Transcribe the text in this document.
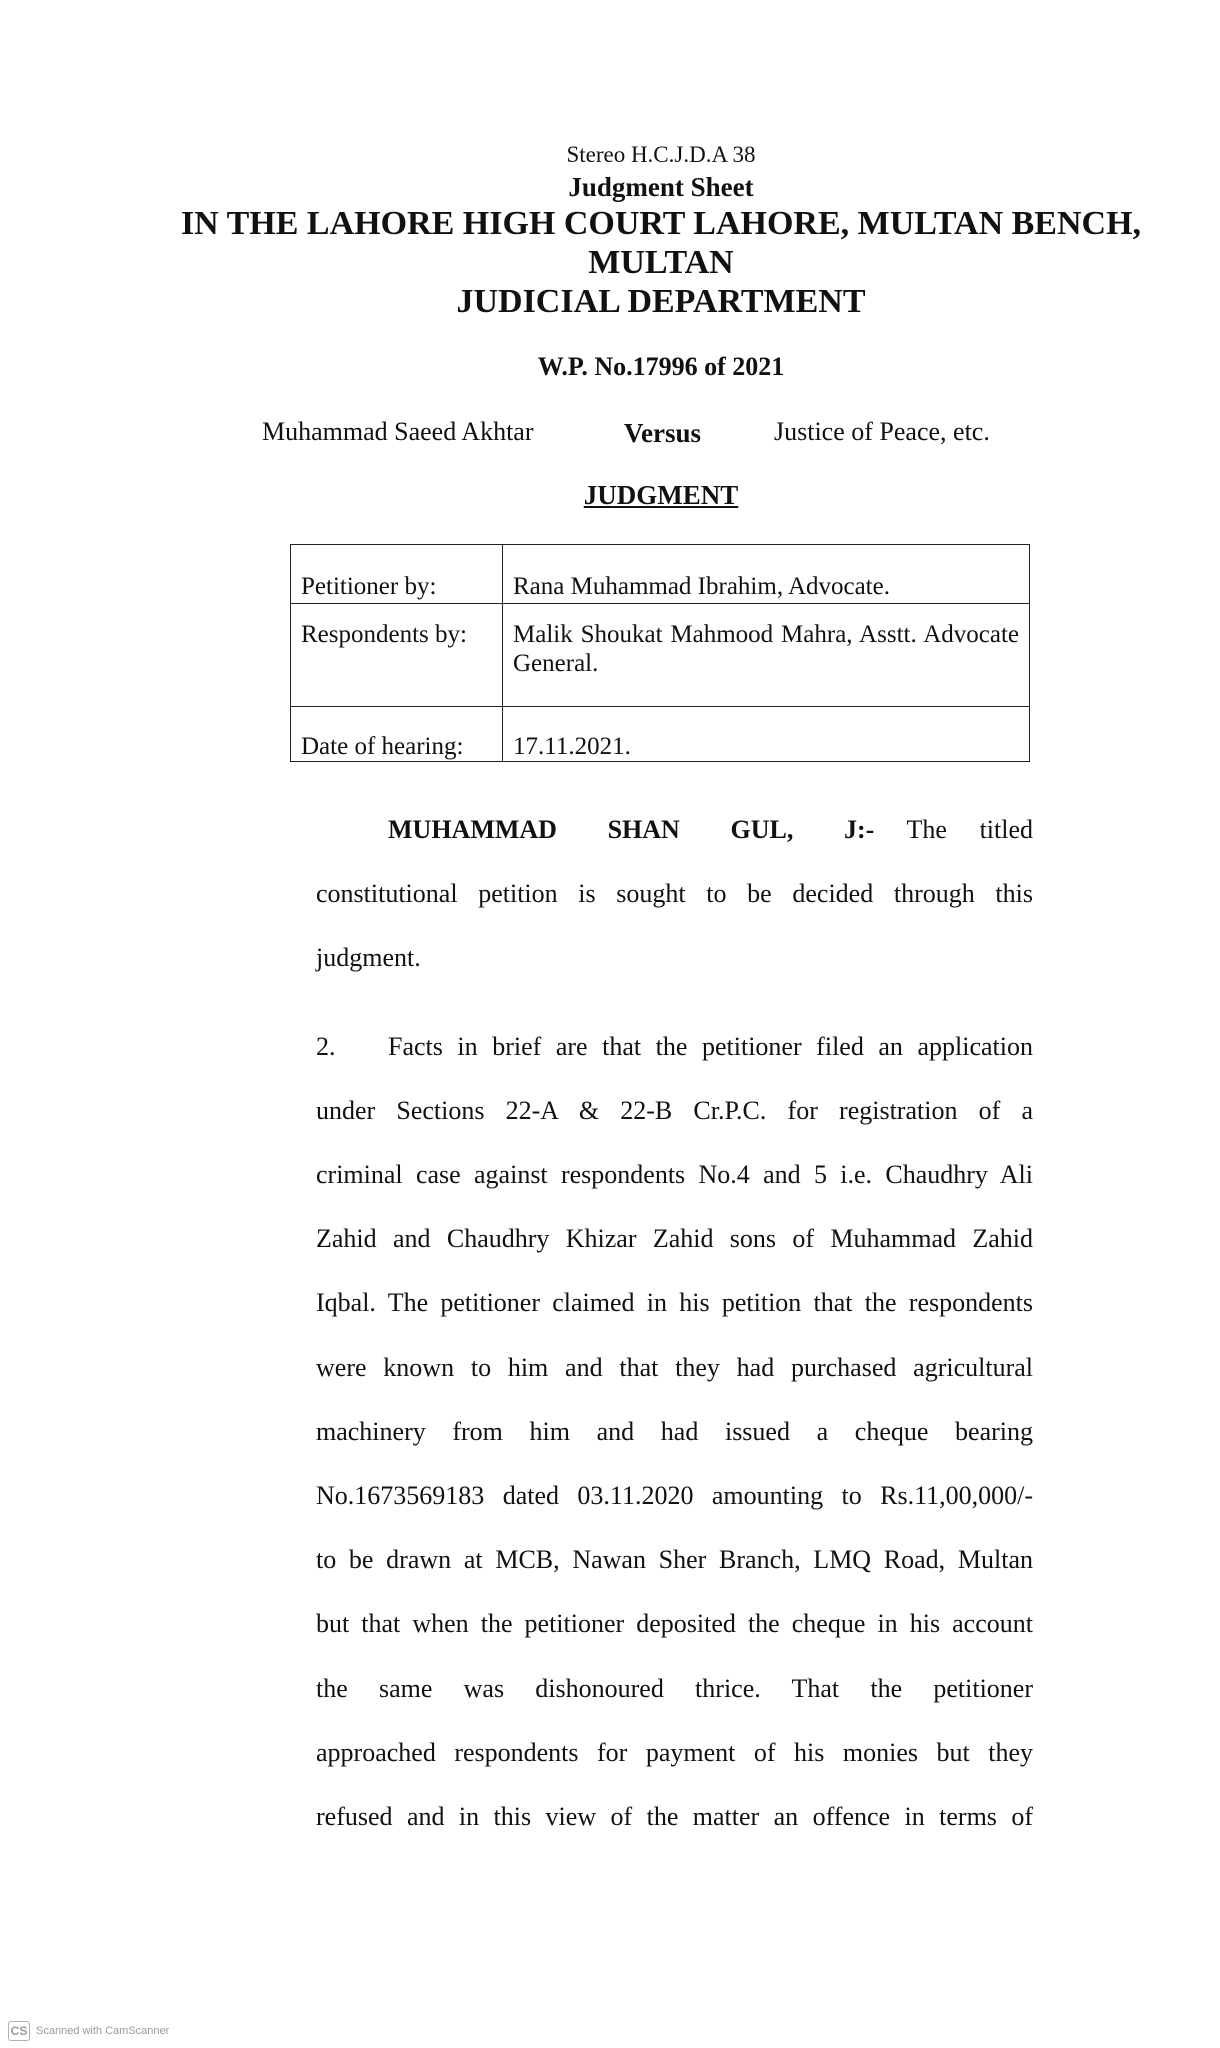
Stereo H.C.J.D.A 38
Judgment Sheet
IN THE LAHORE HIGH COURT LAHORE, MULTAN BENCH,
MULTAN
JUDICIAL DEPARTMENT
W.P. No.17996 of 2021
Muhammad Saeed Akhtar	Versus	Justice of Peace, etc.
JUDGMENT
Petitioner by:	Rana Muhammad Ibrahim, Advocate.
Respondents by:	Malik Shoukat Mahmood Mahra, Asstt. Advocate General.
Date of hearing:	17.11.2021.

MUHAMMAD SHAN GUL, J:- The titled
constitutional petition is sought to be decided through this
judgment.

2. Facts in brief are that the petitioner filed an application
under Sections 22-A & 22-B Cr.P.C. for registration of a
criminal case against respondents No.4 and 5 i.e. Chaudhry Ali
Zahid and Chaudhry Khizar Zahid sons of Muhammad Zahid
Iqbal. The petitioner claimed in his petition that the respondents
were known to him and that they had purchased agricultural
machinery from him and had issued a cheque bearing
No.1673569183 dated 03.11.2020 amounting to Rs.11,00,000/-
to be drawn at MCB, Nawan Sher Branch, LMQ Road, Multan
but that when the petitioner deposited the cheque in his account
the same was dishonoured thrice. That the petitioner
approached respondents for payment of his monies but they
refused and in this view of the matter an offence in terms of

CS Scanned with CamScanner
